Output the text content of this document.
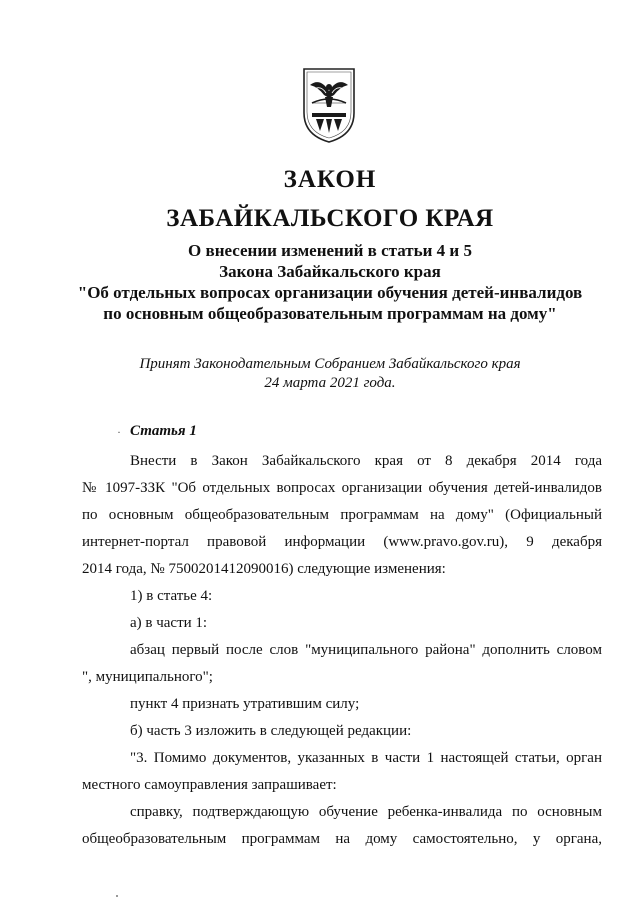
ЗАКОН
ЗАБАЙКАЛЬСКОГО КРАЯ
О внесении изменений в статьи 4 и 5
Закона Забайкальского края
"Об отдельных вопросах организации обучения детей-инвалидов
по основным общеобразовательным программам на дому"
Принят Законодательным Собранием Забайкальского края
24 марта 2021 года.
· Статья 1
Внести в Закон Забайкальского края от 8 декабря 2014 года
№ 1097-ЗЗК "Об отдельных вопросах организации обучения детей-инвалидов
по основным общеобразовательным программам на дому" (Официальный
интернет-портал правовой информации (www.pravo.gov.ru), 9 декабря
2014 года, № 7500201412090016) следующие изменения:
1) в статье 4:
а) в части 1:
абзац первый после слов "муниципального района" дополнить словом
", муниципального";
пункт 4 признать утратившим силу;
б) часть 3 изложить в следующей редакции:
"3. Помимо документов, указанных в части 1 настоящей статьи, орган
местного самоуправления запрашивает:
справку, подтверждающую обучение ребенка-инвалида по основным
общеобразовательным программам на дому самостоятельно, у органа,
